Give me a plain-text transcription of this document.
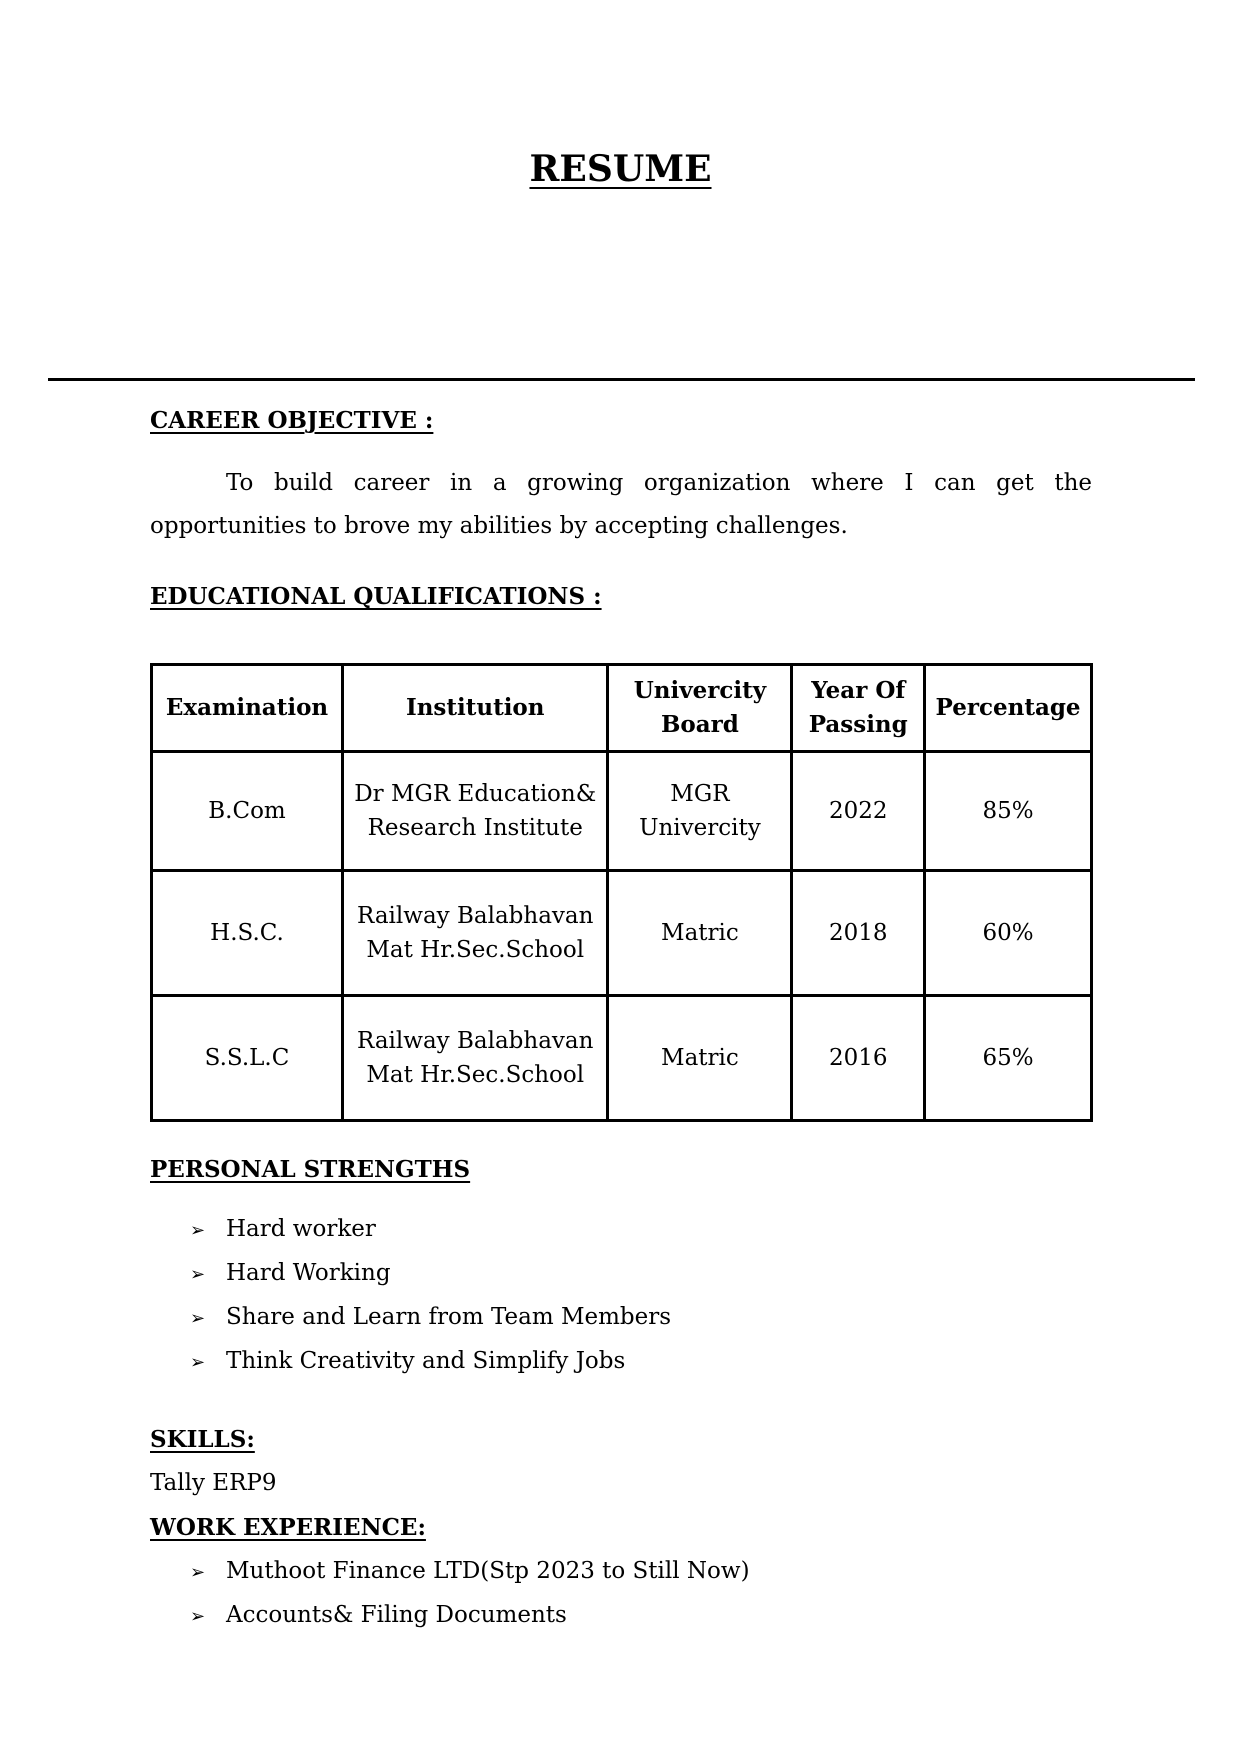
RESUME
CAREER OBJECTIVE :

To build career in a growing organization where I can get the opportunities to brove my abilities by accepting challenges.

EDUCATIONAL QUALIFICATIONS :
Examination	Institution	Univercity Board	Year Of Passing	Percentage
B.Com	Dr MGR Education& Research Institute	MGR Univercity	2022	85%
H.S.C.	Railway Balabhavan Mat Hr.Sec.School	Matric	2018	60%
S.S.L.C	Railway Balabhavan Mat Hr.Sec.School	Matric	2016	65%
PERSONAL STRENGTHS
➢ Hard worker
➢ Hard Working
➢ Share and Learn from Team Members
➢ Think Creativity and Simplify Jobs
SKILLS:

Tally ERP9

WORK EXPERIENCE:
➢ Muthoot Finance LTD(Stp 2023 to Still Now)
➢ Accounts& Filing Documents
